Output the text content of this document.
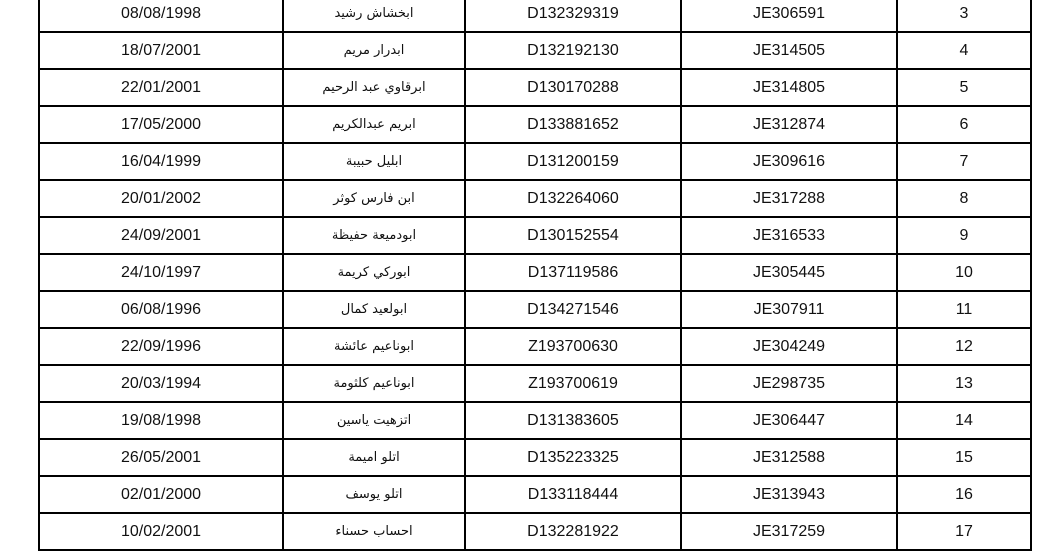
08/08/1998	ابخشاش رشيد	D132329319	JE306591	3
18/07/2001	ابدرار مريم	D132192130	JE314505	4
22/01/2001	ابرقاوي عبد الرحيم	D130170288	JE314805	5
17/05/2000	ابريم عبدالكريم	D133881652	JE312874	6
16/04/1999	ابليل حبيبة	D131200159	JE309616	7
20/01/2002	ابن فارس كوثر	D132264060	JE317288	8
24/09/2001	ابودميعة حفيظة	D130152554	JE316533	9
24/10/1997	ابوركي كريمة	D137119586	JE305445	10
06/08/1996	ابولعيد كمال	D134271546	JE307911	11
22/09/1996	ابوناعيم عائشة	Z193700630	JE304249	12
20/03/1994	ابوناعيم كلثومة	Z193700619	JE298735	13
19/08/1998	اتزهيت ياسين	D131383605	JE306447	14
26/05/2001	اتلو اميمة	D135223325	JE312588	15
02/01/2000	اتلو يوسف	D133118444	JE313943	16
10/02/2001	احساب حسناء	D132281922	JE317259	17
